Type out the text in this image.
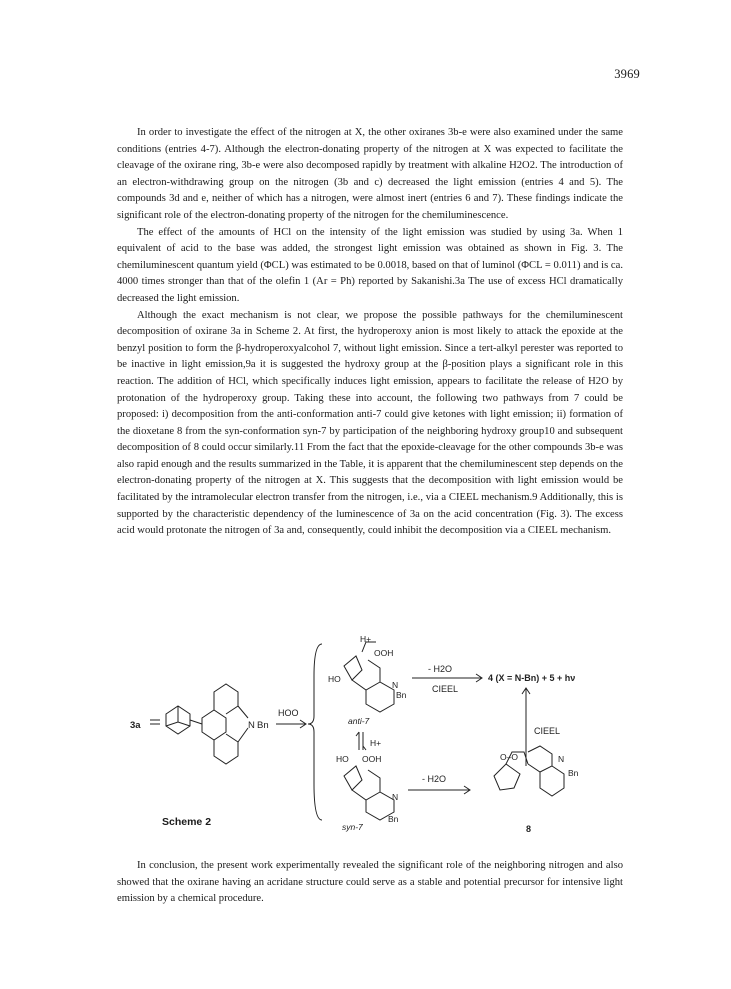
3969

In order to investigate the effect of the nitrogen at X, the other oxiranes 3b-e were also examined under the same conditions (entries 4-7). Although the electron-donating property of the nitrogen at X was expected to facilitate the cleavage of the oxirane ring, 3b-e were also decomposed rapidly by treatment with alkaline H2O2. The introduction of an electron-withdrawing group on the nitrogen (3b and c) decreased the light emission (entries 4 and 5). The compounds 3d and e, neither of which has a nitrogen, were almost inert (entries 6 and 7). These findings indicate the significant role of the electron-donating property of the nitrogen for the chemiluminescence.

The effect of the amounts of HCl on the intensity of the light emission was studied by using 3a. When 1 equivalent of acid to the base was added, the strongest light emission was obtained as shown in Fig. 3. The chemiluminescent quantum yield (ΦCL) was estimated to be 0.0018, based on that of luminol (ΦCL = 0.011) and is ca. 4000 times stronger than that of the olefin 1 (Ar = Ph) reported by Sakanishi.3a The use of excess HCl dramatically decreased the light emission.

Although the exact mechanism is not clear, we propose the possible pathways for the chemiluminescent decomposition of oxirane 3a in Scheme 2. At first, the hydroperoxy anion is most likely to attack the epoxide at the benzyl position to form the β-hydroperoxyalcohol 7, without light emission. Since a tert-alkyl perester was reported to be inactive in light emission,9a it is suggested the hydroxy group at the β-position plays a significant role in this reaction. The addition of HCl, which specifically induces light emission, appears to facilitate the release of H2O by protonation of the hydroperoxy group. Taking these into account, the following two pathways from 7 could be proposed: i) decomposition from the anti-conformation anti-7 could give ketones with light emission; ii) formation of the dioxetane 8 from the syn-conformation syn-7 by participation of the neighboring hydroxy group10 and subsequent decomposition of 8 could occur similarly.11 From the fact that the epoxide-cleavage for the other compounds 3b-e was also rapid enough and the results summarized in the Table, it is apparent that the chemiluminescent step depends on the electron-donating property of the nitrogen at X. This suggests that the decomposition with light emission would be facilitated by the intramolecular electron transfer from the nitrogen, i.e., via a CIEEL mechanism.9 Additionally, this is supported by the characteristic dependency of the luminescence of 3a on the acid concentration (Fig. 3). The excess acid would protonate the nitrogen of 3a and, consequently, could inhibit the decomposition via a CIEEL mechanism.

3a	N Bn
HOO
H+
OOH
HO
N
Bn
- H2O
CIEEL
4 (X = N-Bn) + 5 + hν
anti-7
H+
HO OOH
N
Bn
syn-7
- H2O
CIEEL
O–O	N
Bn
8
Scheme 2

In conclusion, the present work experimentally revealed the significant role of the neighboring nitrogen and also showed that the oxirane having an acridane structure could serve as a stable and potential precursor for intensive light emission by a chemical procedure.
